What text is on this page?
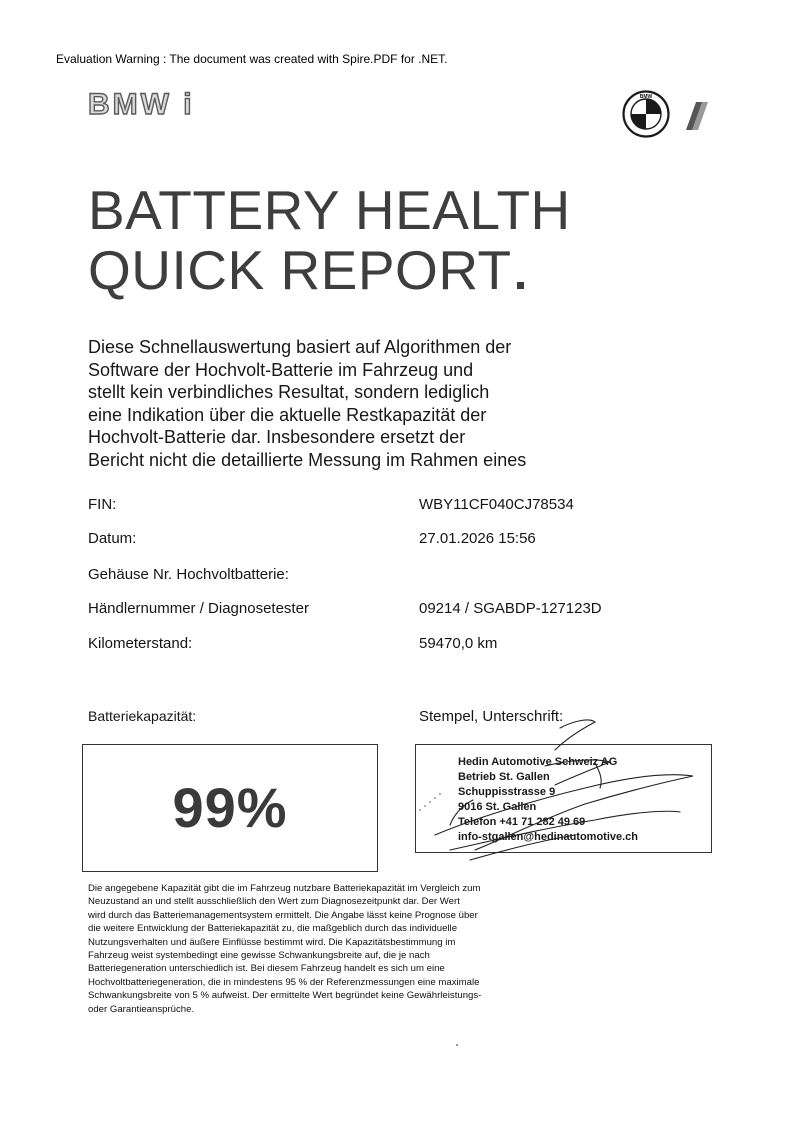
Evaluation Warning : The document was created with Spire.PDF for .NET.
BMW i	BMW
BATTERY HEALTH
QUICK REPORT
Diese Schnellauswertung basiert auf Algorithmen der
Software der Hochvolt-Batterie im Fahrzeug und
stellt kein verbindliches Resultat, sondern lediglich
eine Indikation über die aktuelle Restkapazität der
Hochvolt-Batterie dar. Insbesondere ersetzt der
Bericht nicht die detaillierte Messung im Rahmen eines
FIN:	WBY11CF040CJ78534
Datum:	27.01.2026 15:56
Gehäuse Nr. Hochvoltbatterie:
Händlernummer / Diagnosetester	09214 / SGABDP-127123D
Kilometerstand:	59470,0 km
Batteriekapazität:
99%
Stempel, Unterschrift:
Hedin Automotive Schweiz AG
Betrieb St. Gallen
Schuppisstrasse 9
9016 St. Gallen
Telefon +41 71 282 49 69
info-stgallen@hedinautomotive.ch
Die angegebene Kapazität gibt die im Fahrzeug nutzbare Batteriekapazität im Vergleich zum
Neuzustand an und stellt ausschließlich den Wert zum Diagnosezeitpunkt dar. Der Wert
wird durch das Batteriemanagementsystem ermittelt. Die Angabe lässt keine Prognose über
die weitere Entwicklung der Batteriekapazität zu, die maßgeblich durch das individuelle
Nutzungsverhalten und äußere Einflüsse bestimmt wird. Die Kapazitätsbestimmung im
Fahrzeug weist systembedingt eine gewisse Schwankungsbreite auf, die je nach
Batteriegeneration unterschiedlich ist. Bei diesem Fahrzeug handelt es sich um eine
Hochvoltbatteriegeneration, die in mindestens 95 % der Referenzmessungen eine maximale
Schwankungsbreite von 5 % aufweist. Der ermittelte Wert begründet keine Gewährleistungs-
oder Garantieansprüche.
